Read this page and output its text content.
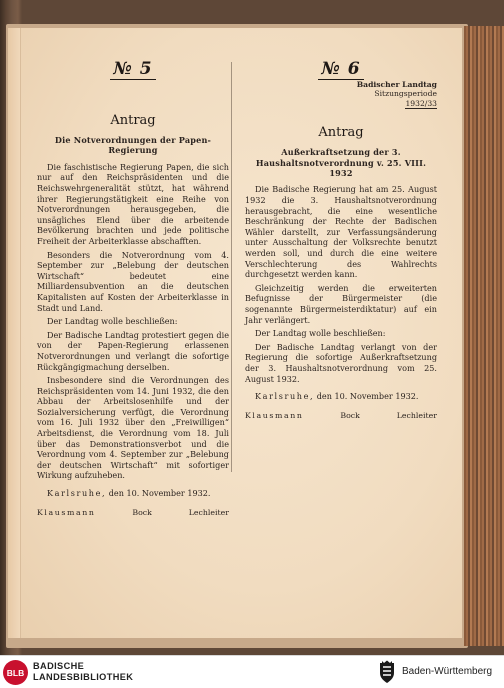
№ 5
Antrag
Die Notverordnungen der Papen-Regierung

Die faschistische Regierung Papen, die sich nur auf den Reichspräsidenten und die Reichswehrgeneralität stützt, hat während ihrer Regierungstätigkeit eine Reihe von Notverordnungen herausgegeben, die unsägliches Elend über die arbeitende Bevölkerung brachten und jede politische Freiheit der Arbeiterklasse abschafften.

Besonders die Notverordnung vom 4. September zur „Belebung der deutschen Wirtschaft“ bedeutet eine Milliardensubvention an die deutschen Kapitalisten auf Kosten der Arbeiterklasse in Stadt und Land.

Der Landtag wolle beschließen:

Der Badische Landtag protestiert gegen die von der Papen-Regierung erlassenen Notverordnungen und verlangt die sofortige Rückgängigmachung derselben.

Insbesondere sind die Verordnungen des Reichspräsidenten vom 14. Juni 1932, die den Abbau der Arbeitslosenhilfe und der Sozialversicherung verfügt, die Verordnung vom 16. Juli 1932 über den „Freiwilligen“ Arbeitsdienst, die Verordnung vom 18. Juli über das Demonstrationsverbot und die Verordnung vom 4. September zur „Belebung der deutschen Wirtschaft“ mit sofortiger Wirkung aufzuheben.

Karlsruhe, den 10. November 1932.
Klausmann	Bock	Lechleiter
№ 6
Badischer Landtag
Sitzungsperiode
1932/33
Antrag
Außerkraftsetzung der 3. Haushaltsnotverordnung v. 25. VIII. 1932

Die Badische Regierung hat am 25. August 1932 die 3. Haushaltsnotverordnung herausgebracht, die eine wesentliche Beschränkung der Rechte der Badischen Wähler darstellt, zur Verfassungsänderung unter Ausschaltung der Volksrechte benutzt werden soll, und durch die eine weitere Verschlechterung des Wahlrechts durchgesetzt werden kann.

Gleichzeitig werden die erweiterten Befugnisse der Bürgermeister (die sogenannte Bürgermeisterdiktatur) auf ein Jahr verlängert.

Der Landtag wolle beschließen:

Der Badische Landtag verlangt von der Regierung die sofortige Außerkraftsetzung der 3. Haushaltsnotverordnung vom 25. August 1932.

Karlsruhe, den 10. November 1932.
Klausmann	Bock	Lechleiter
BLB
BADISCHE
LANDESBIBLIOTHEK	Baden-Württemberg
